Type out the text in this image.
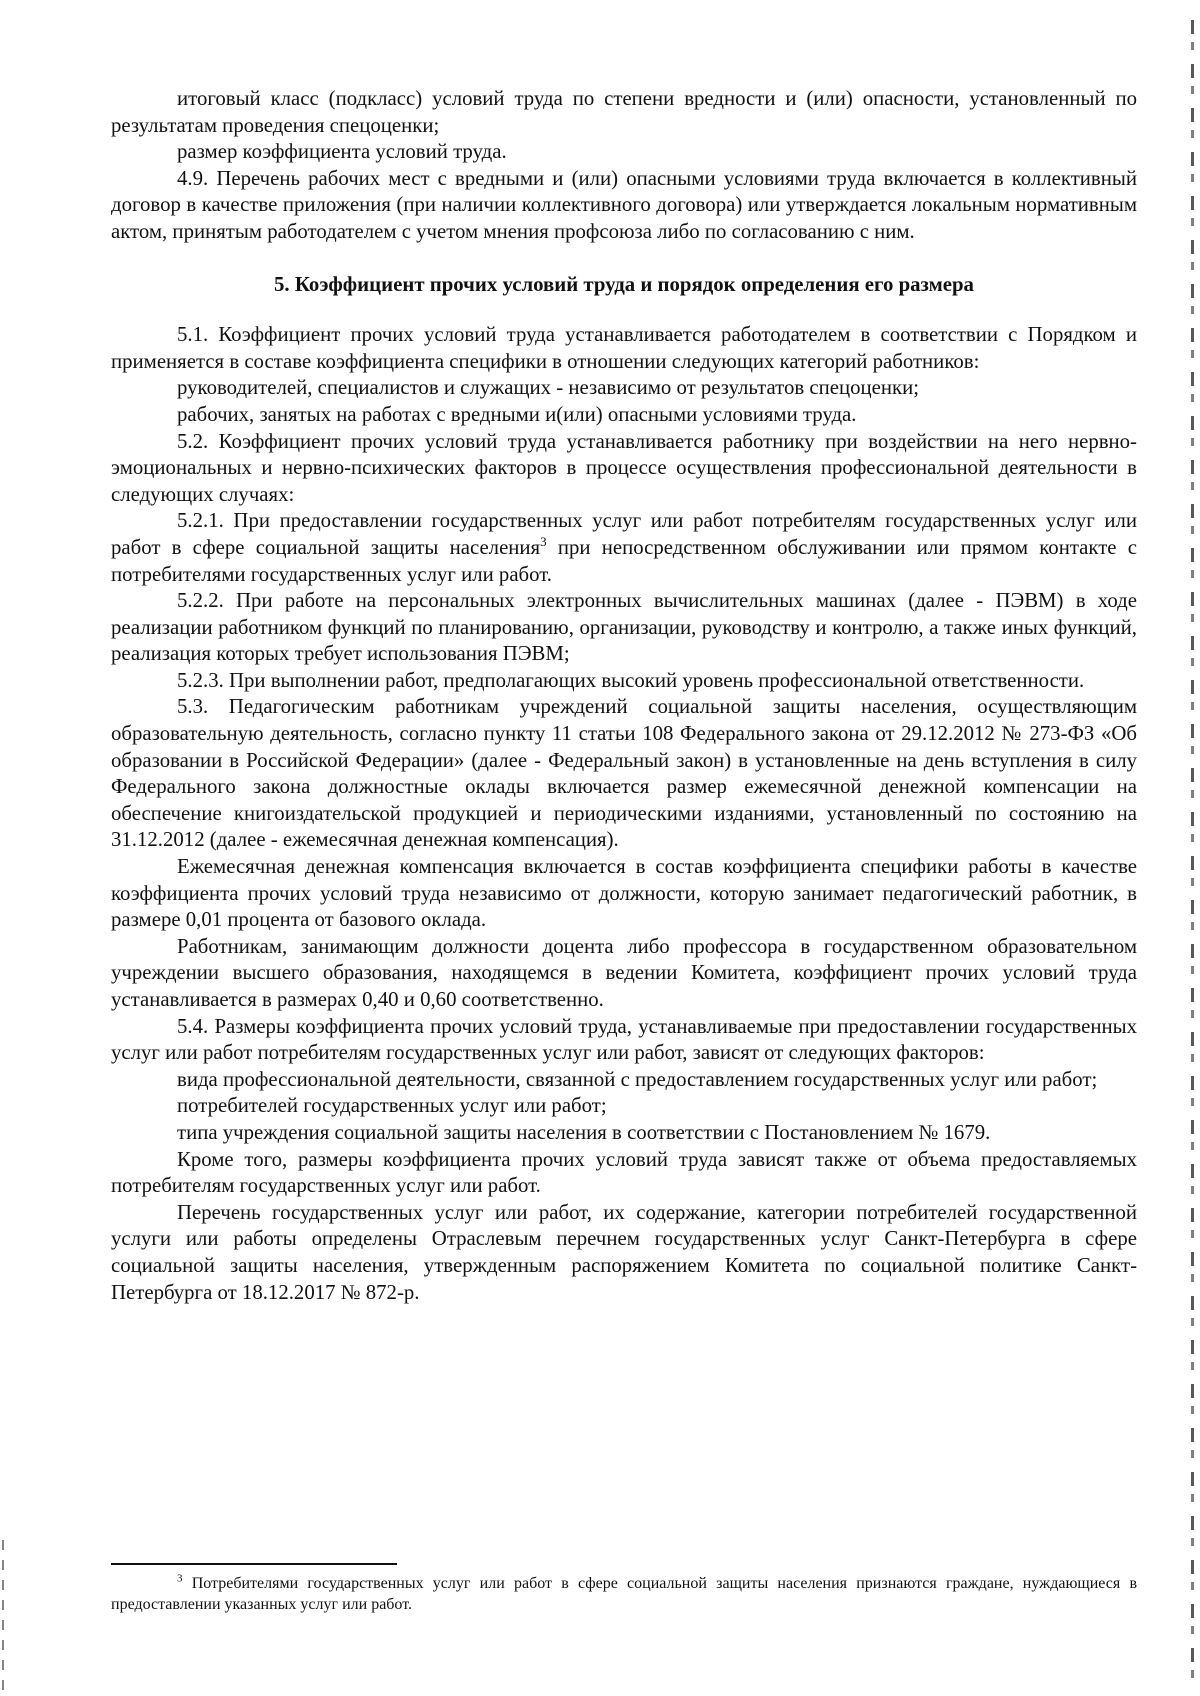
итоговый класс (подкласс) условий труда по степени вредности и (или) опасности, установленный по результатам проведения спецоценки;

размер коэффициента условий труда.

4.9. Перечень рабочих мест с вредными и (или) опасными условиями труда включается в коллективный договор в качестве приложения (при наличии коллективного договора) или утверждается локальным нормативным актом, принятым работодателем с учетом мнения профсоюза либо по согласованию с ним.

5. Коэффициент прочих условий труда и порядок определения его размера

5.1. Коэффициент прочих условий труда устанавливается работодателем в соответствии с Порядком и применяется в составе коэффициента специфики в отношении следующих категорий работников:

руководителей, специалистов и служащих - независимо от результатов спецоценки;

рабочих, занятых на работах с вредными и(или) опасными условиями труда.

5.2. Коэффициент прочих условий труда устанавливается работнику при воздействии на него нервно-эмоциональных и нервно-психических факторов в процессе осуществления профессиональной деятельности в следующих случаях:

5.2.1. При предоставлении государственных услуг или работ потребителям государственных услуг или работ в сфере социальной защиты населения$^3$ при непосредственном обслуживании или прямом контакте с потребителями государственных услуг или работ.

5.2.2. При работе на персональных электронных вычислительных машинах (далее - ПЭВМ) в ходе реализации работником функций по планированию, организации, руководству и контролю, а также иных функций, реализация которых требует использования ПЭВМ;

5.2.3. При выполнении работ, предполагающих высокий уровень профессиональной ответственности.

5.3. Педагогическим работникам учреждений социальной защиты населения, осуществляющим образовательную деятельность, согласно пункту 11 статьи 108 Федерального закона от 29.12.2012 № 273-ФЗ «Об образовании в Российской Федерации» (далее - Федеральный закон) в установленные на день вступления в силу Федерального закона должностные оклады включается размер ежемесячной денежной компенсации на обеспечение книгоиздательской продукцией и периодическими изданиями, установленный по состоянию на 31.12.2012 (далее - ежемесячная денежная компенсация).

Ежемесячная денежная компенсация включается в состав коэффициента специфики работы в качестве коэффициента прочих условий труда независимо от должности, которую занимает педагогический работник, в размере 0,01 процента от базового оклада.

Работникам, занимающим должности доцента либо профессора в государственном образовательном учреждении высшего образования, находящемся в ведении Комитета, коэффициент прочих условий труда устанавливается в размерах 0,40 и 0,60 соответственно.

5.4. Размеры коэффициента прочих условий труда, устанавливаемые при предоставлении государственных услуг или работ потребителям государственных услуг или работ, зависят от следующих факторов:

вида профессиональной деятельности, связанной с предоставлением государственных услуг или работ;

потребителей государственных услуг или работ;

типа учреждения социальной защиты населения в соответствии с Постановлением № 1679.

Кроме того, размеры коэффициента прочих условий труда зависят также от объема предоставляемых потребителям государственных услуг или работ.

Перечень государственных услуг или работ, их содержание, категории потребителей государственной услуги или работы определены Отраслевым перечнем государственных услуг Санкт-Петербурга в сфере социальной защиты населения, утвержденным распоряжением Комитета по социальной политике Санкт-Петербурга от 18.12.2017 № 872-р.

$^3$ Потребителями государственных услуг или работ в сфере социальной защиты населения признаются граждане, нуждающиеся в предоставлении указанных услуг или работ.
